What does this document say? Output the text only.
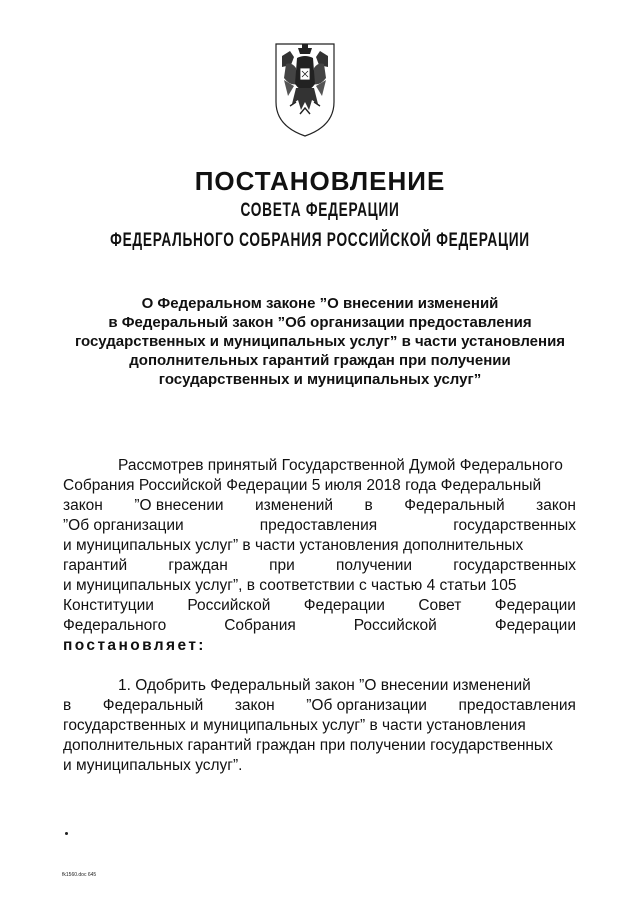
ПОСТАНОВЛЕНИЕ
СОВЕТА ФЕДЕРАЦИИ
ФЕДЕРАЛЬНОГО СОБРАНИЯ РОССИЙСКОЙ ФЕДЕРАЦИИ
О Федеральном законе ”О внесении изменений
в Федеральный закон ”Об организации предоставления
государственных и муниципальных услуг” в части установления
дополнительных гарантий граждан при получении
государственных и муниципальных услуг”
Рассмотрев принятый Государственной Думой Федерального
Собрания Российской Федерации 5 июля 2018 года Федеральный
закон ”О внесении изменений в Федеральный закон
”Об организации	предоставления	государственных
и муниципальных услуг” в части установления дополнительных
гарантий	граждан	при	получении	государственных
и муниципальных услуг”, в соответствии с частью 4 статьи 105
Конституции Российской Федерации Совет Федерации
Федерального	Собрания	Российской	Федерации
постановляет:
1. Одобрить Федеральный закон ”О внесении изменений
в Федеральный закон ”Об организации предоставления
государственных и муниципальных услуг” в части установления
дополнительных гарантий граждан при получении государственных
и муниципальных услуг”.
fk1560.doc 645
